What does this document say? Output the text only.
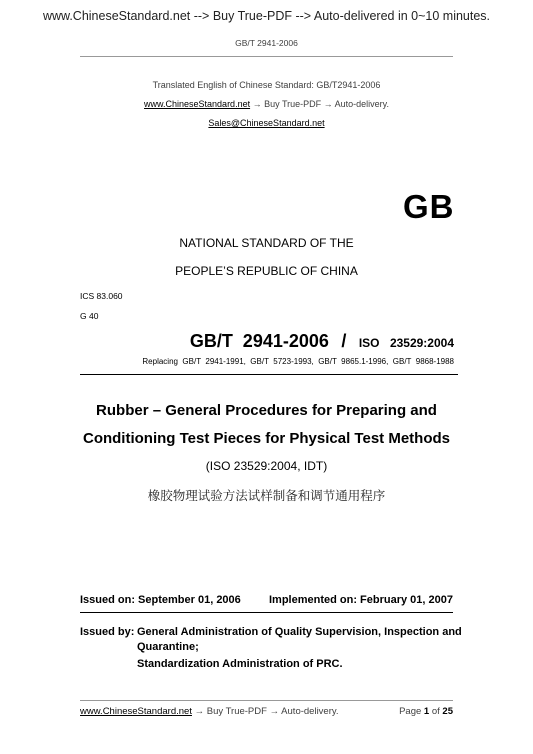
www.ChineseStandard.net --> Buy True-PDF --> Auto-delivered in 0~10 minutes.
GB/T 2941-2006
Translated English of Chinese Standard: GB/T2941-2006
www.ChineseStandard.net → Buy True-PDF → Auto-delivery.
Sales@ChineseStandard.net
GB
NATIONAL STANDARD OF THE
PEOPLE’S REPUBLIC OF CHINA
ICS 83.060
G 40
GB/T  2941-2006 / ISO 23529:2004
Replacing  GB/T  2941-1991,  GB/T  5723-1993,  GB/T  9865.1-1996,  GB/T  9868-1988
Rubber – General Procedures for Preparing and
Conditioning Test Pieces for Physical Test Methods
(ISO 23529:2004, IDT)
橡胶物理试验方法试样制备和调节通用程序
Issued on: September 01, 2006	Implemented on: February 01, 2007
Issued by: General Administration of Quality Supervision, Inspection and
Quarantine;
Standardization Administration of PRC.
www.ChineseStandard.net → Buy True-PDF → Auto-delivery.	Page 1 of 25
